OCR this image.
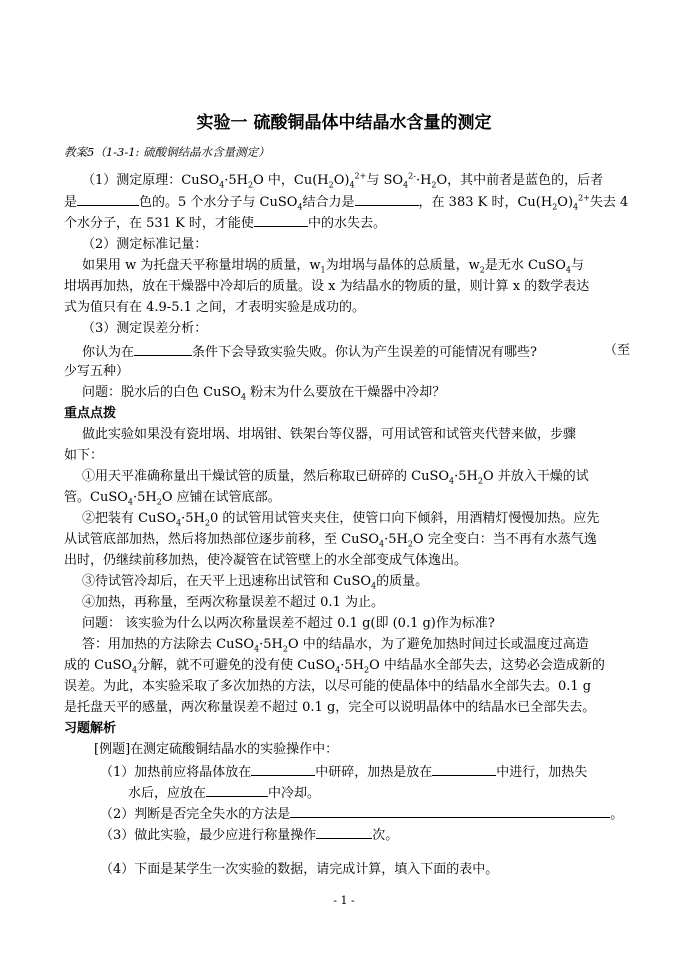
实验一 硫酸铜晶体中结晶水含量的测定
教案5（1-3-1: 硫酸铜结晶水含量测定）
（1）测定原理：$CuSO_4\cdot 5H_2O$ 中，$Cu(H_2O)_4^{2+}$与 $SO_4^{2-}\cdot H_2O$，其中前者是蓝色的，后者
是	色的。5 个水分子与 CuSO$_4$结合力是	，在 383 K 时，$Cu(H_2O)_4^{2+}$失去 4
个水分子，在 531 K 时，才能使	中的水失去。
（2）测定标准记量：
如果用 w 为托盘天平称量坩埚的质量，$w_1$为坩埚与晶体的总质量，$w_2$是无水 CuSO$_4$与
坩埚再加热，放在干燥器中冷却后的质量。设 x 为结晶水的物质的量，则计算 x 的数学表达
式为值只有在 4.9-5.1 之间，才表明实验是成功的。
（3）测定误差分析：
你认为在	条件下会导致实验失败。你认为产生误差的可能情况有哪些?	（至
少写五种）
问题：脱水后的白色 CuSO$_4$ 粉末为什么要放在干燥器中冷却？
重点点拨
做此实验如果没有瓷坩埚、坩埚钳、铁架台等仪器，可用试管和试管夹代替来做，步骤
如下：
①用天平准确称量出干燥试管的质量，然后称取已研碎的 $CuSO_4\cdot 5H_2O$ 并放入干燥的试
管。$CuSO_4\cdot 5H_2O$ 应铺在试管底部。
②把装有 $CuSO_4\cdot 5H_20$ 的试管用试管夹夹住，使管口向下倾斜，用酒精灯慢慢加热。应先
从试管底部加热，然后将加热部位逐步前移，至 $CuSO_4\cdot 5H_2O$ 完全变白：当不再有水蒸气逸
出时，仍继续前移加热，使冷凝管在试管壁上的水全部变成气体逸出。
③待试管冷却后，在天平上迅速称出试管和 CuSO$_4$的质量。
④加热，再称量，至两次称量误差不超过 0.1 为止。
问题： 该实验为什么以两次称量误差不超过 0.1 g(即 (0.1 g)作为标准?
答：用加热的方法除去 $CuSO_4\cdot 5H_2O$ 中的结晶水，为了避免加热时间过长或温度过高造
成的 CuSO$_4$分解，就不可避免的没有使 $CuSO_4\cdot 5H_2O$ 中结晶水全部失去，这势必会造成新的
误差。为此，本实验采取了多次加热的方法，以尽可能的使晶体中的结晶水全部失去。0.1 g
是托盘天平的感量，两次称量误差不超过 0.1 g，完全可以说明晶体中的结晶水已全部失去。
习题解析
[例题]在测定硫酸铜结晶水的实验操作中：
（1）加热前应将晶体放在	中研碎，加热是放在	中进行，加热失
水后，应放在	中冷却。
（2）判断是否完全失水的方法是	。
（3）做此实验，最少应进行称量操作	次。
（4）下面是某学生一次实验的数据，请完成计算，填入下面的表中。
- 1 -
